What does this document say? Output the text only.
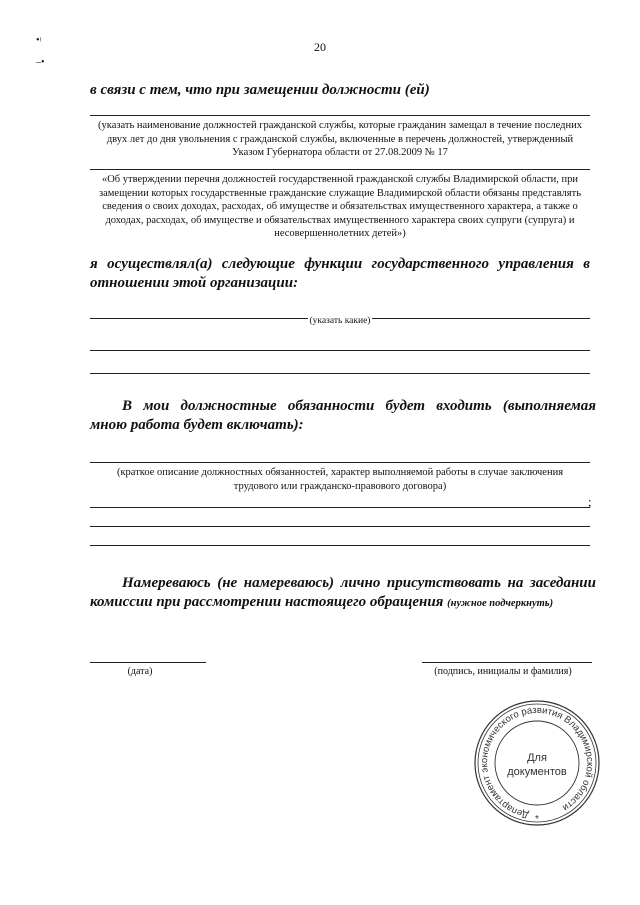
20
•ᵎ
–•
в связи с тем, что при замещении должности (ей)
(указать наименование должностей гражданской службы, которые гражданин замещал в течение последних двух лет до дня увольнения с гражданской службы, включенные в перечень должностей, утвержденный Указом Губернатора области от 27.08.2009 № 17
«Об утверждении перечня должностей государственной гражданской службы Владимирской области, при замещении которых государственные гражданские служащие Владимирской области обязаны представлять сведения о своих доходах, расходах, об имуществе и обязательствах имущественного характера, а также о доходах, расходах, об имуществе и обязательствах имущественного характера своих супруги (супруга) и несовершеннолетних детей»)
я осуществлял(а) следующие функции государственного управления в
отношении этой организации:
(указать какие)
В мои должностные обязанности будет входить (выполняемая
мною работа будет включать):
(краткое описание должностных обязанностей, характер выполняемой работы в случае заключения трудового или гражданско-правового договора)
;
Намереваюсь (не намереваюсь) лично присутствовать на заседании
комиссии при рассмотрении настоящего обращения (нужное подчеркнуть)
(дата)	(подпись, инициалы и фамилия)
Департамент экономического развития Владимирской области
*
Для
документов
